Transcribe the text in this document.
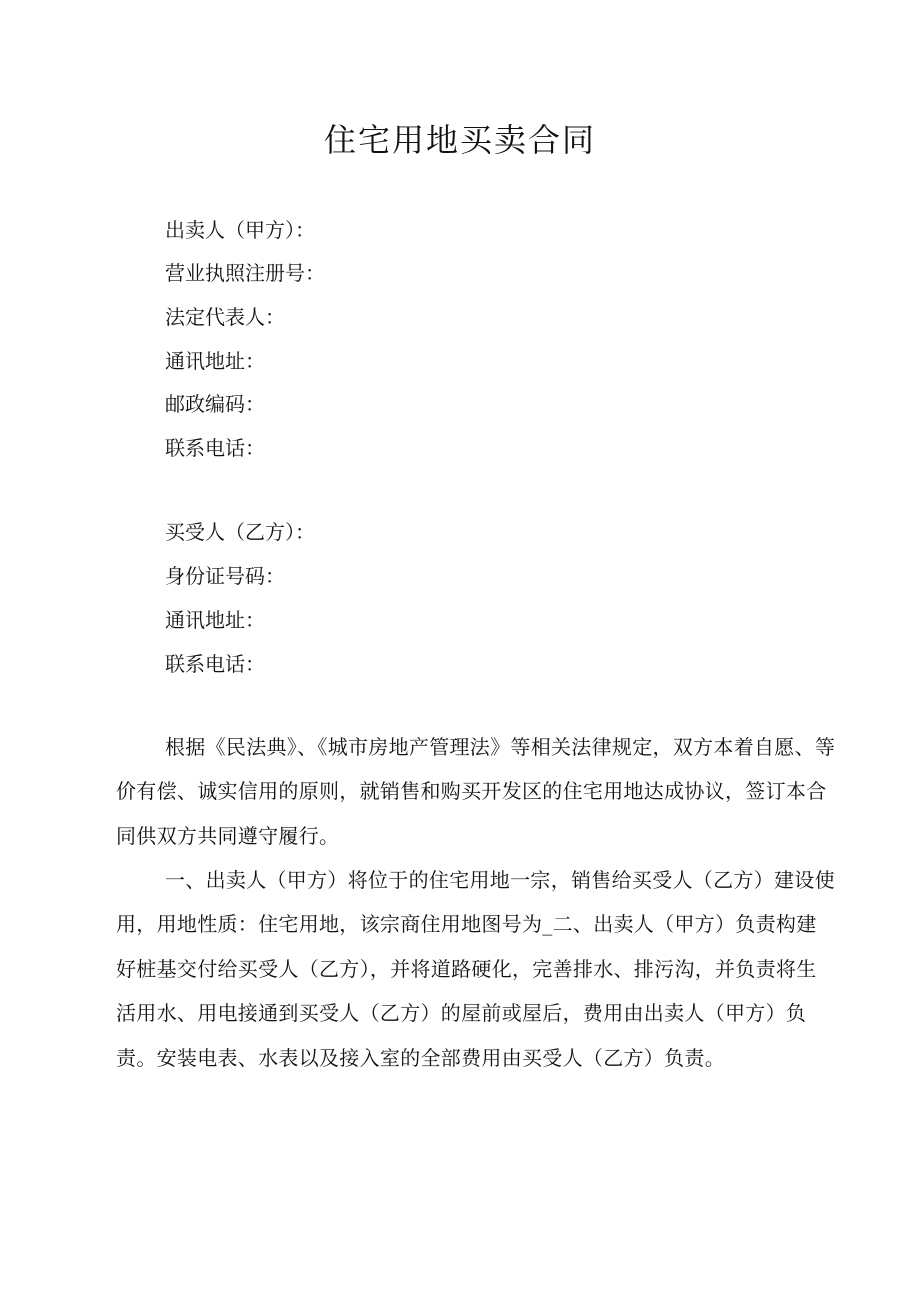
住宅用地买卖合同
出卖人（甲方）：
营业执照注册号：
法定代表人：
通讯地址：
邮政编码：
联系电话：
买受人（乙方）：
身份证号码：
通讯地址：
联系电话：

根据《民法典》、《城市房地产管理法》等相关法律规定，双方本着自愿、等价有偿、诚实信用的原则，就销售和购买开发区的住宅用地达成协议，签订本合同供双方共同遵守履行。

一、出卖人（甲方）将位于的住宅用地一宗，销售给买受人（乙方）建设使用，用地性质：住宅用地，该宗商住用地图号为_二、出卖人（甲方）负责构建好桩基交付给买受人（乙方），并将道路硬化，完善排水、排污沟，并负责将生活用水、用电接通到买受人（乙方）的屋前或屋后，费用由出卖人（甲方）负责。安装电表、水表以及接入室的全部费用由买受人（乙方）负责。
